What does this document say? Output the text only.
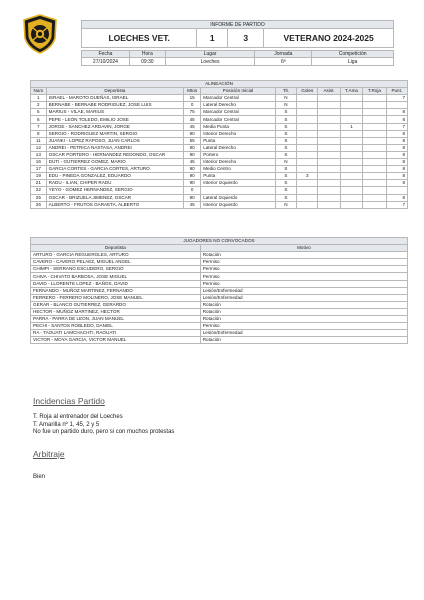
INFORME DE PARTIDO
LOECHES VET.	1	3	VETERANO 2024-2025
Fecha	Hora	Lugar	Jornada	Competición
27/10/2024	09:30	Loeches	6ª	Liga
ALINEACIÓN									
Num	Deportista	Mtos	Posición Inicial	Tit.	Goles	Asist.	T.Ama	T.Roja	Punt.
1	ISRAEL - MAROTO DUEÑAS, ISRAEL	15	Marcador Central	N					7
2	BERNABE - BERNABE RODRIGUEZ, JOSE LUIS	0	Lateral Derecho	N					
5	MARIUS - VILAE, MARIUS	75	Marcador Central	S					8
6	PEPE - LEÓN TOLEDO, EMILIO JOSE	45	Marcador Central	S					8
7	JORGE - SANCHEZ ARDAVIN, JORGE	45	Media Punta	S			1		7
8	SERGIO - RODRIGUEZ MARTIN, SERGIO	90	Interior Derecho	S					8
11	JUANKI - LOPEZ RAPOSO, JUAN CARLOS	55	Punta	S					8
12	ANDREI - PETRICA NASTASA, ANDREI	90	Lateral Derecho	S					8
13	OSCAR PORTERO - HERNANDEZ REDONDO, OSCAR	90	Portero	S					8
16	DUTI - GUTIERREZ GOMEZ, MARIO	45	Interior Derecho	N					8
17	GARCIA CORTES - GARCIA CORTES, ARTURO	90	Medio Centro	S					8
19	EDU - PINEDA GONZALEZ, EDUARDO	90	Punta	S	3				8
21	RADU - ILIAN, CHIPER RADU	90	Interior Izquierdo	S					8
22	YEYO - GOMEZ HERNANDEZ, SERGIO	0		S					
25	OSCAR - BRIZUELA JIMENEZ, OSCAR	90	Lateral Izquierdo	S					8
26	ALBERTO - FRUTOS GARAETA, ALBERTO	45	Interior Izquierdo	N					7
JUGADORES NO CONVOCADOS	
Deportista	Motivo
ARTURO - GARCIA REGUEROLES, ARTURO	Rotación
CAVERO - CAVERO PELAEZ, MIGUEL ANGEL	Permiso
CHIMPI - SERRANO ESCUDERO, SERGIO	Permiso
CHIVA - CHIVATO BARBOSA, JOSE MIGUEL	Permiso
DAVID - LLORENTE LOPEZ - BAÑOS, DAVID	Permiso
FERNANDO - MUÑOZ MARTINEZ, FERNANDO	Lesión/Enfermedad
FERRERO - FERRERO MOLINERO, JOSE MANUEL	Lesión/Enfermedad
GERAR - BLANCO GUTIERREZ, GERARDO	Rotación
HECTOR - MUÑOZ MARTINEZ, HECTOR	Rotación
PARRA - PARRA DE LEON, JUAN MANUEL	Rotación
PECHI - SANTOS ROBLEDO, DANIEL	Permiso
RA - TAOUATI LAMCHACHTI, RAOUATI	Lesión/Enfermedad
VICTOR - MOYA GARCIA, VICTOR MANUEL	Rotación
Incidencias Partido
T. Roja al entrenador del Loeches
T. Amarilla nº 1, 45, 2 y 5
No fue un partido duro, pero si con muchos protestas
Arbitraje
Bien
